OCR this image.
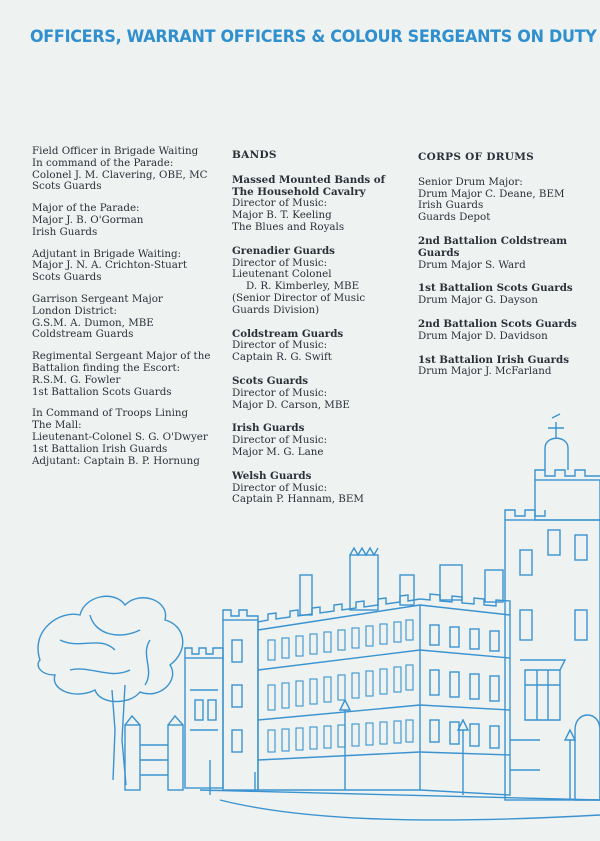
OFFICERS, WARRANT OFFICERS & COLOUR SERGEANTS ON DUTY
Field Officer in Brigade Waiting
In command of the Parade:
Colonel J. M. Clavering, OBE, MC
Scots Guards
Major of the Parade:
Major J. B. O'Gorman
Irish Guards
Adjutant in Brigade Waiting:
Major J. N. A. Crichton-Stuart
Scots Guards
Garrison Sergeant Major
London District:
G.S.M. A. Dumon, MBE
Coldstream Guards
Regimental Sergeant Major of the
Battalion finding the Escort:
R.S.M. G. Fowler
1st Battalion Scots Guards
In Command of Troops Lining
The Mall:
Lieutenant-Colonel S. G. O'Dwyer
1st Battalion Irish Guards
Adjutant: Captain B. P. Hornung
BANDS
Massed Mounted Bands of
The Household Cavalry
Director of Music:
Major B. T. Keeling
The Blues and Royals
Grenadier Guards
Director of Music:
Lieutenant Colonel
D. R. Kimberley, MBE
(Senior Director of Music
Guards Division)
Coldstream Guards
Director of Music:
Captain R. G. Swift
Scots Guards
Director of Music:
Major D. Carson, MBE
Irish Guards
Director of Music:
Major M. G. Lane
Welsh Guards
Director of Music:
Captain P. Hannam, BEM
CORPS OF DRUMS
Senior Drum Major:
Drum Major C. Deane, BEM
Irish Guards
Guards Depot
2nd Battalion Coldstream
Guards
Drum Major S. Ward
1st Battalion Scots Guards
Drum Major G. Dayson
2nd Battalion Scots Guards
Drum Major D. Davidson
1st Battalion Irish Guards
Drum Major J. McFarland
